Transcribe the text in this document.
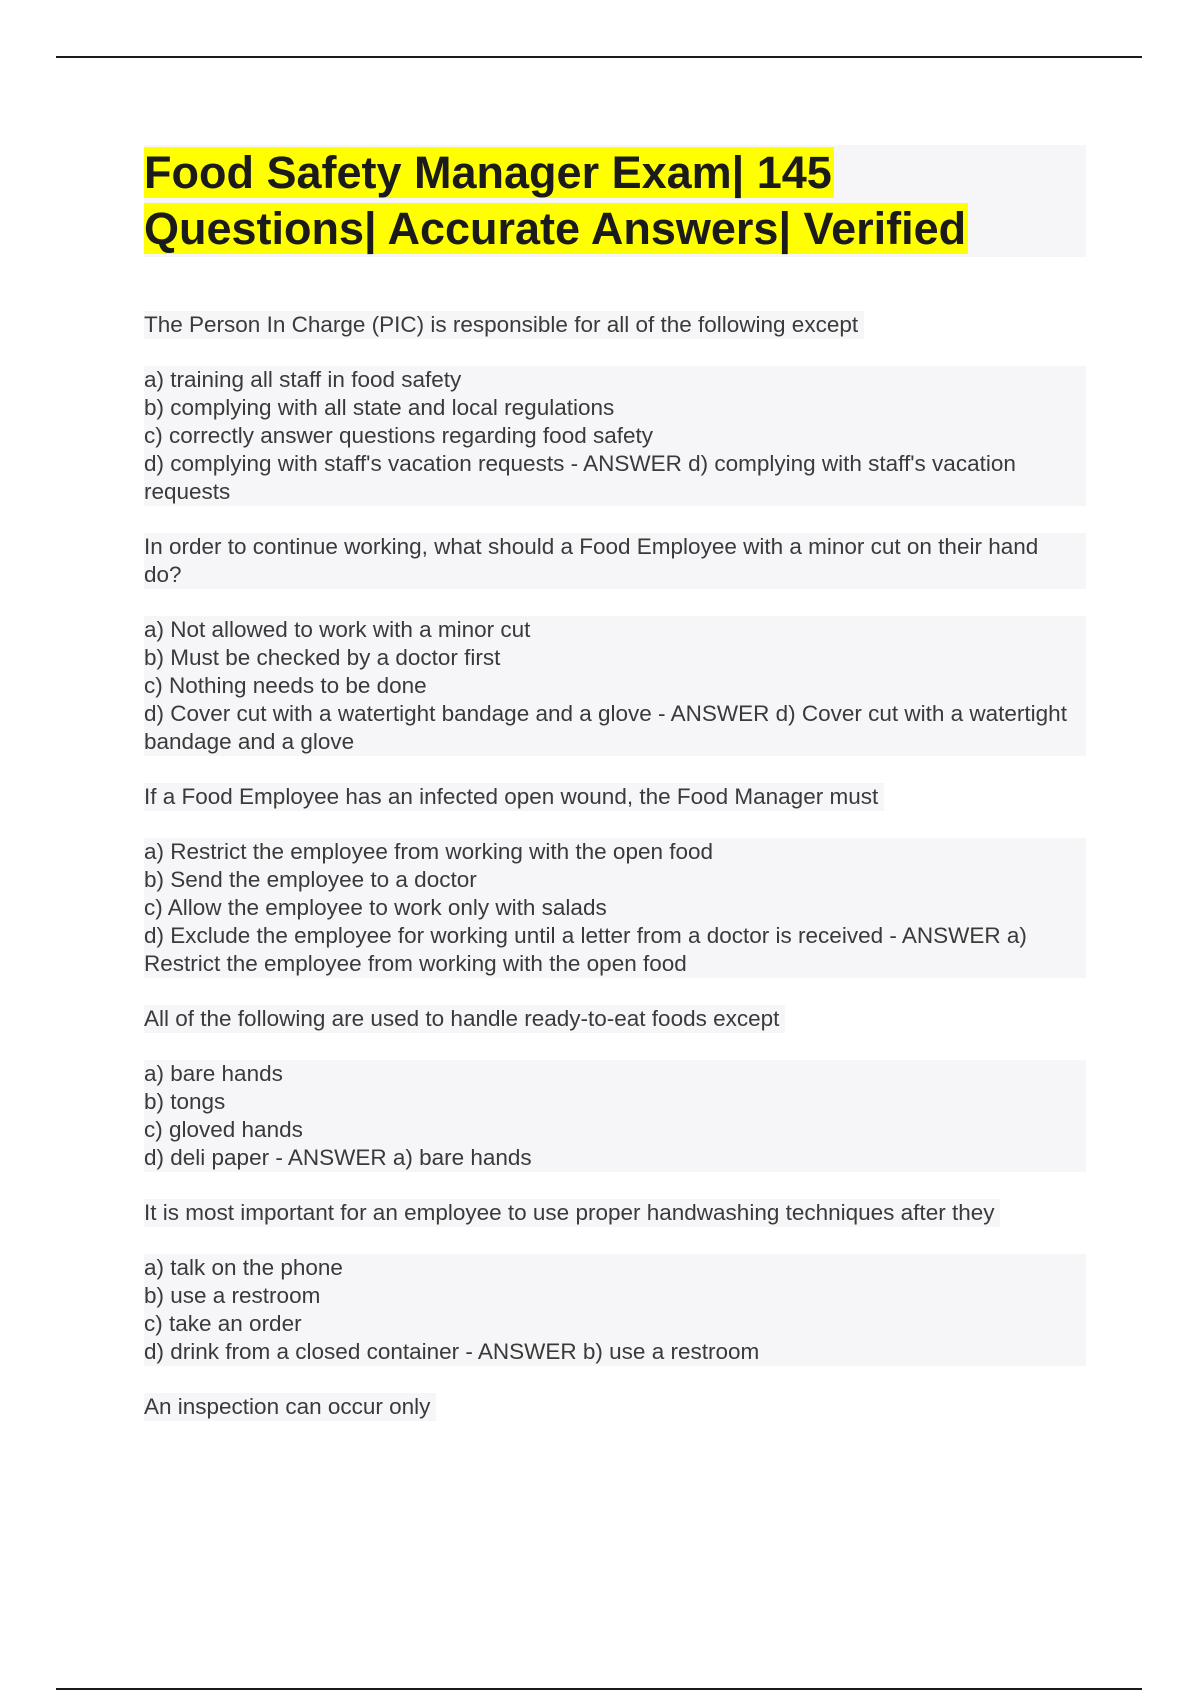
Food Safety Manager Exam| 145
Questions| Accurate Answers| Verified
The Person In Charge (PIC) is responsible for all of the following except
a) training all staff in food safety
b) complying with all state and local regulations
c) correctly answer questions regarding food safety
d) complying with staff's vacation requests - ANSWER d) complying with staff's vacation requests
In order to continue working, what should a Food Employee with a minor cut on their hand do?
a) Not allowed to work with a minor cut
b) Must be checked by a doctor first
c) Nothing needs to be done
d) Cover cut with a watertight bandage and a glove - ANSWER d) Cover cut with a watertight bandage and a glove
If a Food Employee has an infected open wound, the Food Manager must
a) Restrict the employee from working with the open food
b) Send the employee to a doctor
c) Allow the employee to work only with salads
d) Exclude the employee for working until a letter from a doctor is received - ANSWER a) Restrict the employee from working with the open food
All of the following are used to handle ready-to-eat foods except
a) bare hands
b) tongs
c) gloved hands
d) deli paper - ANSWER a) bare hands
It is most important for an employee to use proper handwashing techniques after they
a) talk on the phone
b) use a restroom
c) take an order
d) drink from a closed container - ANSWER b) use a restroom
An inspection can occur only
